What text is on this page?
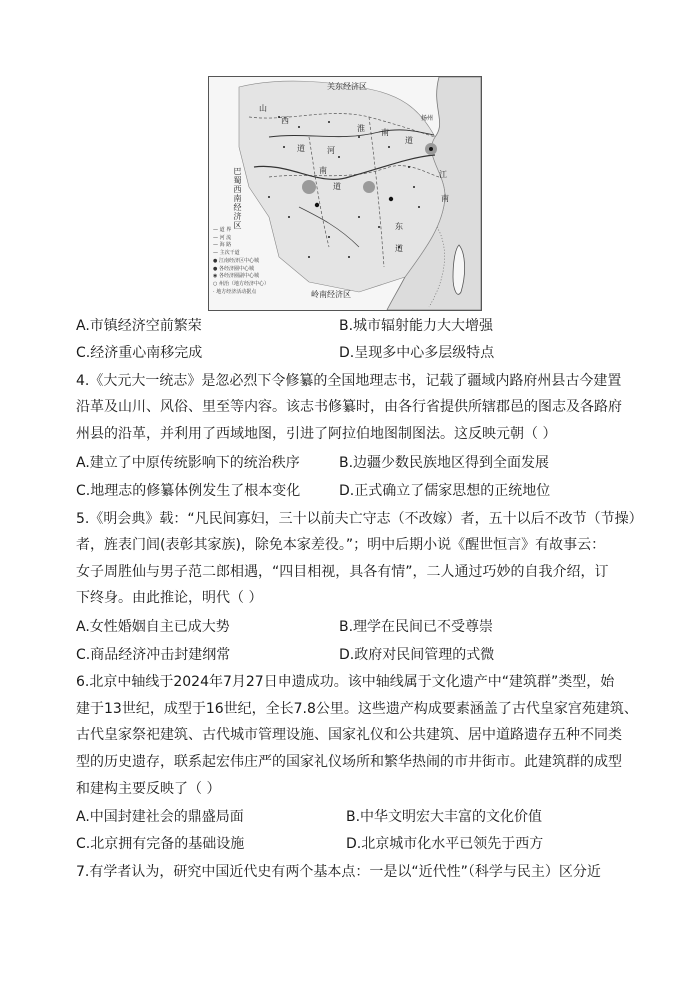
关东经济区
巴蜀西南经济区
岭南经济区
山
西
道
淮 南
道
河
南
道
江
南
东
道
扬州
— 道 界
— 河 流
— 海 路
— 主次干道
● 江南经济区中心城
● 各经济圈中心城
◉ 各经济圈副中心城
○ 州治（地方经济中心）
· 地方经济活动据点
A.市镇经济空前繁荣	B.城市辐射能力大大增强
C.经济重心南移完成	D.呈现多中心多层级特点
4.《大元大一统志》是忽必烈下令修纂的全国地理志书，记载了疆域内路府州县古今建置
沿革及山川、风俗、里至等内容。该志书修纂时，由各行省提供所辖郡邑的图志及各路府
州县的沿革，并利用了西域地图，引进了阿拉伯地图制图法。这反映元朝（ ）
A.建立了中原传统影响下的统治秩序	B.边疆少数民族地区得到全面发展
C.地理志的修纂体例发生了根本变化	D.正式确立了儒家思想的正统地位
5.《明会典》载：“凡民间寡妇，三十以前夫亡守志（不改嫁）者，五十以后不改节（节操）
者，旌表门闾(表彰其家族)，除免本家差役。”；明中后期小说《醒世恒言》有故事云：
女子周胜仙与男子范二郎相遇，“四目相视，具各有情”，二人通过巧妙的自我介绍，订
下终身。由此推论，明代（ ）
A.女性婚姻自主已成大势	B.理学在民间已不受尊崇
C.商品经济冲击封建纲常	D.政府对民间管理的式微
6.北京中轴线于2024年7月27日申遗成功。该中轴线属于文化遗产中“建筑群”类型，始
建于13世纪，成型于16世纪，全长7.8公里。这些遗产构成要素涵盖了古代皇家宫苑建筑、
古代皇家祭祀建筑、古代城市管理设施、国家礼仪和公共建筑、居中道路遗存五种不同类
型的历史遗存，联系起宏伟庄严的国家礼仪场所和繁华热闹的市井街市。此建筑群的成型
和建构主要反映了（ ）
A.中国封建社会的鼎盛局面	B.中华文明宏大丰富的文化价值
C.北京拥有完备的基础设施	D.北京城市化水平已领先于西方
7.有学者认为，研究中国近代史有两个基本点：一是以“近代性”（科学与民主）区分近
